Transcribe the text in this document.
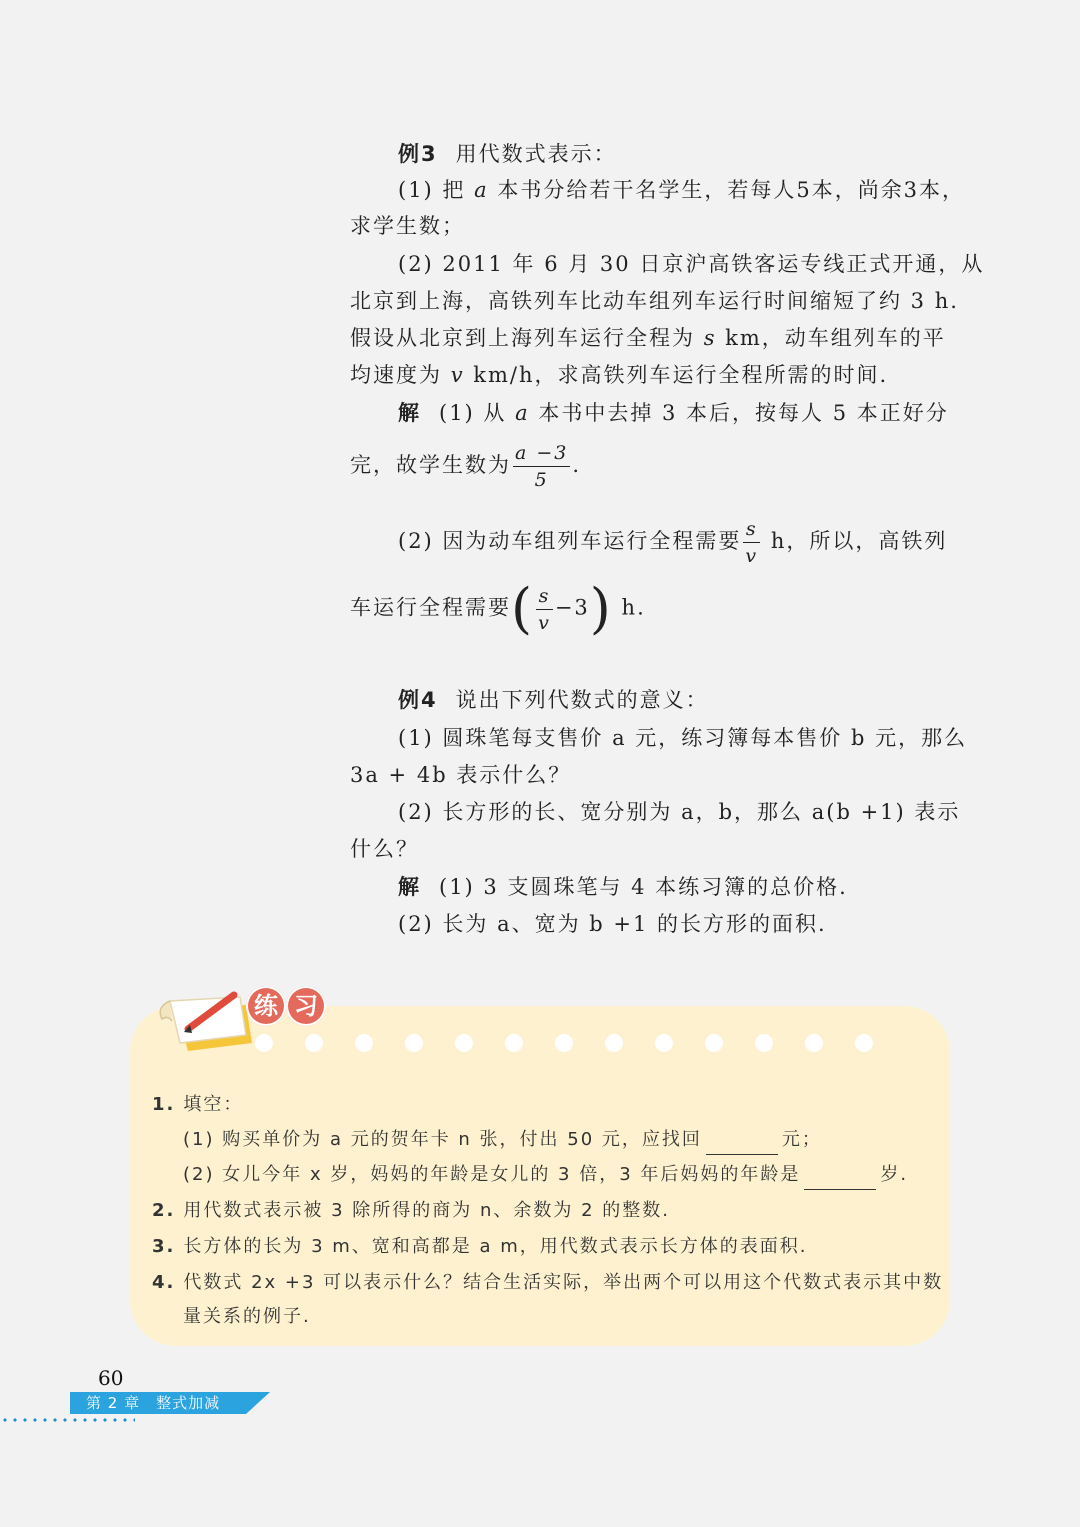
例3 用代数式表示：
(1) 把 a 本书分给若干名学生，若每人5本，尚余3本，
求学生数；
(2) 2011 年 6 月 30 日京沪高铁客运专线正式开通，从
北京到上海，高铁列车比动车组列车运行时间缩短了约 3 h.
假设从北京到上海列车运行全程为 s km，动车组列车的平
均速度为 v km/h，求高铁列车运行全程所需的时间.
解 (1) 从 a 本书中去掉 3 本后，按每人 5 本正好分
完，故学生数为 $\frac{a -3}{5}$ .
(2) 因为动车组列车运行全程需要 $\frac{s}{v}$ h，所以，高铁列
车运行全程需要( $\frac{s}{v} -3$) h.
例4 说出下列代数式的意义：
(1) 圆珠笔每支售价 a 元，练习簿每本售价 b 元，那么
3a + 4b 表示什么？
(2) 长方形的长、宽分别为 a，b，那么 a(b +1) 表示
什么？
解 (1) 3 支圆珠笔与 4 本练习簿的总价格.
(2) 长为 a、宽为 b +1 的长方形的面积.
练 习
1. 填空：
(1) 购买单价为 a 元的贺年卡 n 张，付出 50 元，应找回	元；
(2) 女儿今年 x 岁，妈妈的年龄是女儿的 3 倍，3 年后妈妈的年龄是	岁.
2. 用代数式表示被 3 除所得的商为 n、余数为 2 的整数.
3. 长方体的长为 3 m、宽和高都是 a m，用代数式表示长方体的表面积.
4. 代数式 2x +3 可以表示什么？结合生活实际，举出两个可以用这个代数式表示其中数
量关系的例子.
60
第 2 章　整式加减
